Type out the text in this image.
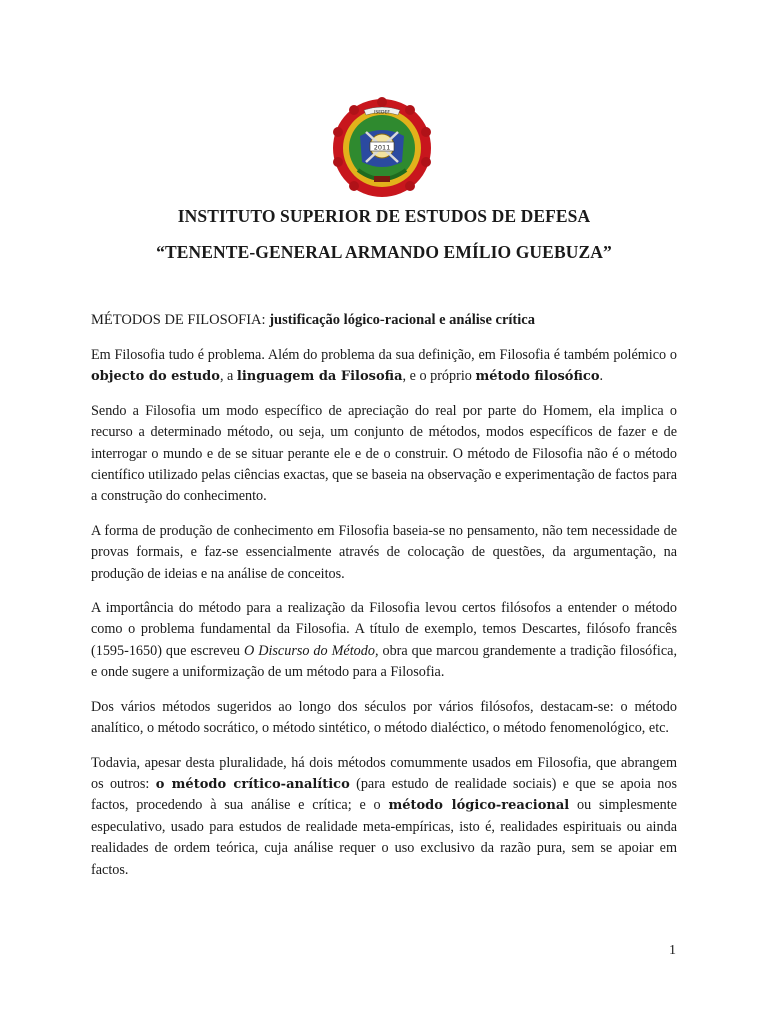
2011
ISEDEF
INSTITUTO SUPERIOR DE ESTUDOS DE DEFESA
“TENENTE-GENERAL ARMANDO EMÍLIO GUEBUZA”
MÉTODOS DE FILOSOFIA: justificação lógico-racional e análise crítica

Em Filosofia tudo é problema. Além do problema da sua definição, em Filosofia é também polémico o objecto do estudo, a linguagem da Filosofia, e o próprio método filosófico.

Sendo a Filosofia um modo específico de apreciação do real por parte do Homem, ela implica o recurso a determinado método, ou seja, um conjunto de métodos, modos específicos de fazer e de interrogar o mundo e de se situar perante ele e de o construir. O método de Filosofia não é o método científico utilizado pelas ciências exactas, que se baseia na observação e experimentação de factos para a construção do conhecimento.

A forma de produção de conhecimento em Filosofia baseia-se no pensamento, não tem necessidade de provas formais, e faz-se essencialmente através de colocação de questões, da argumentação, na produção de ideias e na análise de conceitos.

A importância do método para a realização da Filosofia levou certos filósofos a entender o método como o problema fundamental da Filosofia. A título de exemplo, temos Descartes, filósofo francês (1595-1650) que escreveu O Discurso do Método, obra que marcou grandemente a tradição filosófica, e onde sugere a uniformização de um método para a Filosofia.

Dos vários métodos sugeridos ao longo dos séculos por vários filósofos, destacam-se: o método analítico, o método socrático, o método sintético, o método dialéctico, o método fenomenológico, etc.

Todavia, apesar desta pluralidade, há dois métodos comummente usados em Filosofia, que abrangem os outros: o método crítico-analítico (para estudo de realidade sociais) e que se apoia nos factos, procedendo à sua análise e crítica; e o método lógico-reacional ou simplesmente especulativo, usado para estudos de realidade meta-empíricas, isto é, realidades espirituais ou ainda realidades de ordem teórica, cuja análise requer o uso exclusivo da razão pura, sem se apoiar em factos.

1
